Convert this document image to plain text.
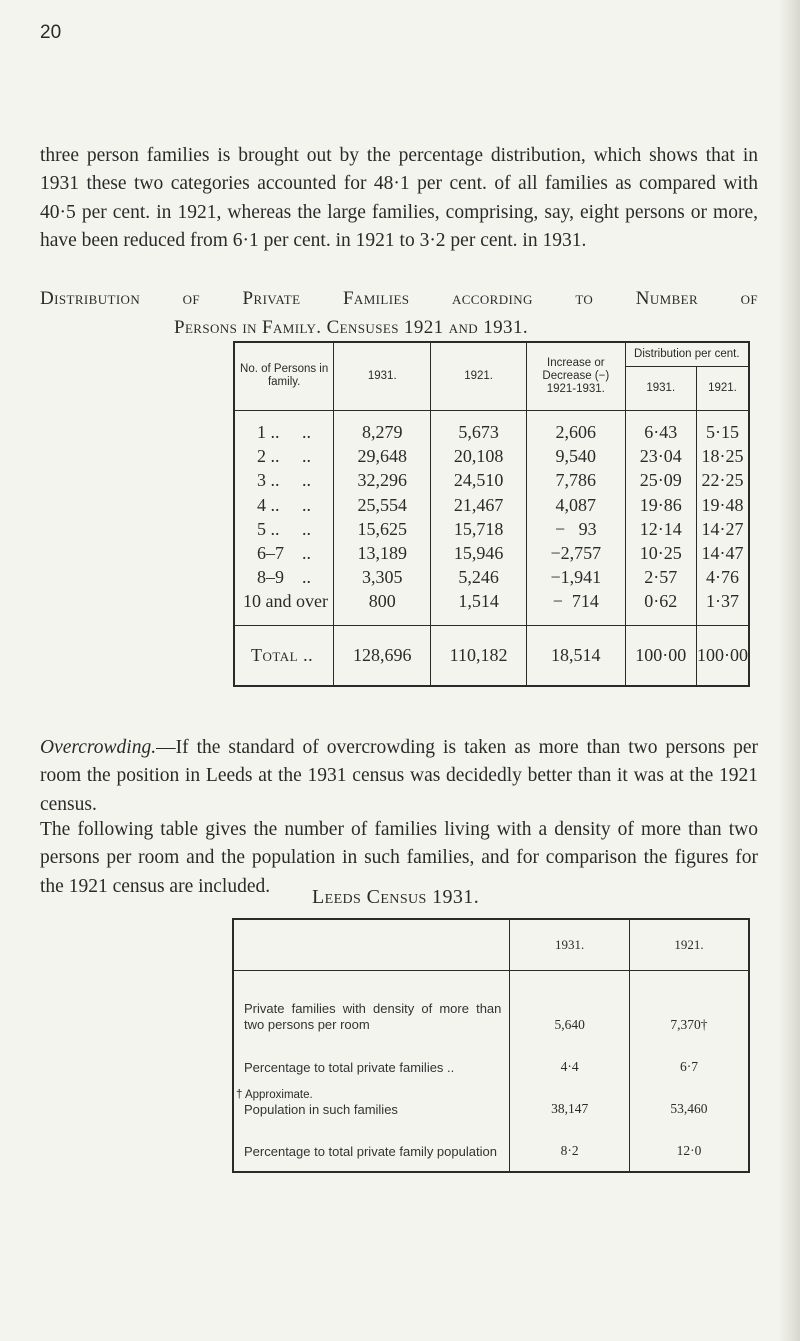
20
three person families is brought out by the percentage distribution, which shows that in 1931 these two categories accounted for 48·1 per cent. of all families as compared with 40·5 per cent. in 1921, whereas the large families, comprising, say, eight persons or more, have been reduced from 6·1 per cent. in 1921 to 3·2 per cent. in 1931.
Distribution of Private Families according to Number of
Persons in Family. Censuses 1921 and 1931.
No. of Persons in family.	1931.	1921.	Increase or Decrease (−) 1921-1931.	Distribution per cent.	
				1931.	1921.

1 ..     ..	8,279	5,673	2,606	6·43	5·15
2 ..     ..	29,648	20,108	9,540	23·04	18·25
3 ..     ..	32,296	24,510	7,786	25·09	22·25
4 ..     ..	25,554	21,467	4,087	19·86	19·48
5 ..     ..	15,625	15,718	−   93	12·14	14·27
6–7    ..	13,189	15,946	−2,757	10·25	14·47
8–9    ..	3,305	5,246	−1,941	2·57	4·76
10 and over	800	1,514	−  714	0·62	1·37

Total ..	128,696	110,182	18,514	100·00	100·00
Overcrowding.—If the standard of overcrowding is taken as more than two persons per room the position in Leeds at the 1931 census was decidedly better than it was at the 1921 census.
The following table gives the number of families living with a density of more than two persons per room and the population in such families, and for comparison the figures for the 1921 census are included.	Leeds Census 1931.
	1931.	1921.
Private families with density of more than two persons per room	5,640	7,370†
Percentage to total private families ..	4·4	6·7
Population in such families	38,147	53,460
Percentage to total private family population	8·2	12·0
† Approximate.
